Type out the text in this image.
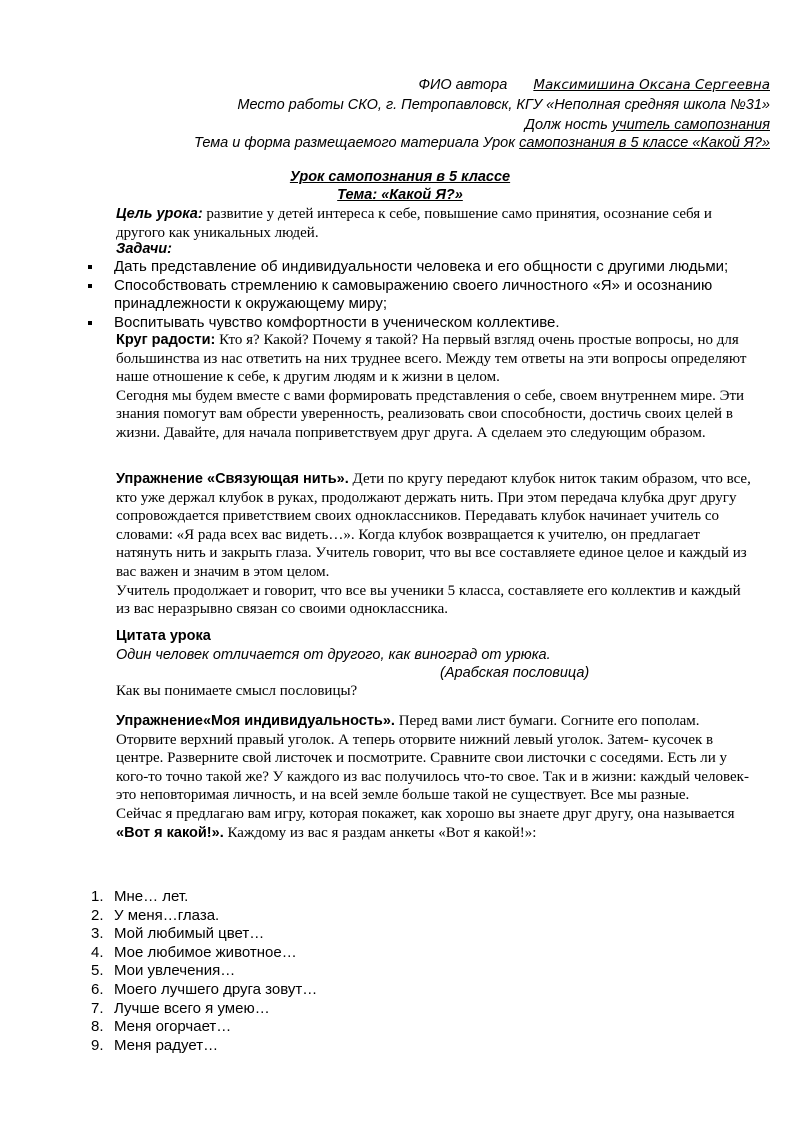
ФИО автора Максимишина Оксана Сергеевна
Место работы СКО, г. Петропавловск, КГУ «Неполная средняя школа №31»
Долж ность учитель самопознания
Тема и форма размещаемого материала Урок самопознания в 5 классе «Какой Я?»
Урок самопознания в 5 классе
Тема: «Какой Я?»
Цель урока: развитие у детей интереса к себе, повышение само принятия, осознание себя и другого как уникальных людей.
Задачи:
Дать представление об индивидуальности человека и его общности с другими людьми;
Способствовать стремлению к самовыражению своего личностного «Я» и осознанию принадлежности к окружающему миру;
Воспитывать чувство комфортности в ученическом коллективе.

Круг радости: Кто я? Какой? Почему я такой? На первый взгляд очень простые вопросы, но для большинства из нас ответить на них труднее всего. Между тем ответы на эти вопросы определяют наше отношение к себе, к другим людям и к жизни в целом.

Сегодня мы будем вместе с вами формировать представления о себе, своем внутреннем мире. Эти знания помогут вам обрести уверенность, реализовать свои способности, достичь своих целей в жизни. Давайте, для начала поприветствуем друг друга. А сделаем это следующим образом.

Упражнение «Связующая нить». Дети по кругу передают клубок ниток таким образом, что все, кто уже держал клубок в руках, продолжают держать нить. При этом передача клубка друг другу сопровождается приветствием своих одноклассников. Передавать клубок начинает учитель со словами: «Я рада всех вас видеть…». Когда клубок возвращается к учителю, он предлагает натянуть нить и закрыть глаза. Учитель говорит, что вы все составляете единое целое и каждый из вас важен и значим в этом целом.

Учитель продолжает и говорит, что все вы ученики 5 класса, составляете его коллектив и каждый из вас неразрывно связан со своими одноклассника.

Цитата урока
Один человек отличается от другого, как виноград от урюка.
(Арабская пословица)
Как вы понимаете смысл пословицы?

Упражнение«Моя индивидуальность». Перед вами лист бумаги. Согните его пополам. Оторвите верхний правый уголок. А теперь оторвите нижний левый уголок. Затем- кусочек в центре. Разверните свой листочек и посмотрите. Сравните свои листочки с соседями. Есть ли у кого-то точно такой же? У каждого из вас получилось что-то свое. Так и в жизни: каждый человек-это неповторимая личность, и на всей земле больше такой не существует. Все мы разные.

Сейчас я предлагаю вам игру, которая покажет, как хорошо вы знаете друг другу, она называется «Вот я какой!». Каждому из вас я раздам анкеты «Вот я какой!»:

1. Мне… лет.
2. У меня…глаза.
3. Мой любимый цвет…
4. Мое любимое животное…
5. Мои увлечения…
6. Моего лучшего друга зовут…
7. Лучше всего я умею…
8. Меня огорчает…
9. Меня радует…
